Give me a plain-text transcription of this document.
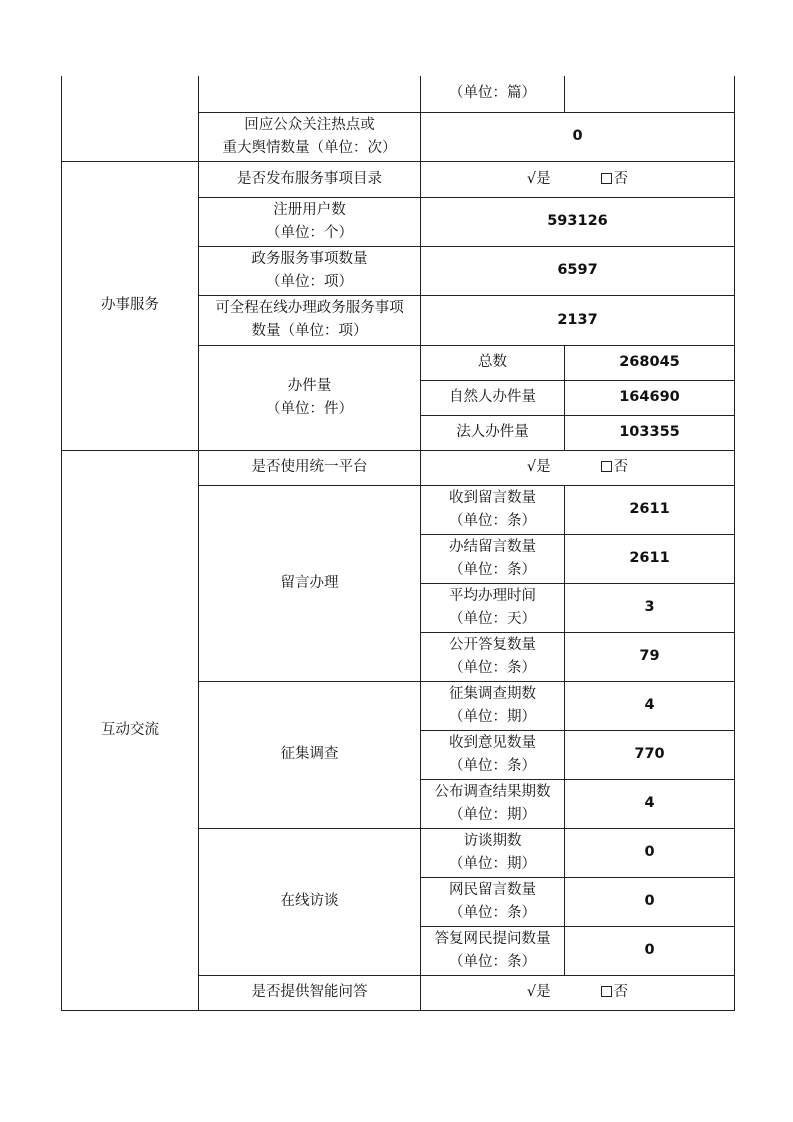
		（单位：篇）	

	回应公众关注热点或
重大舆情数量（单位：次）	0	
办事服务	是否发布服务事项目录	√是 否	

	注册用户数
（单位：个）	593126	

	政务服务事项数量
（单位：项）	6597	

	可全程在线办理政务服务事项
数量（单位：项）	2137	

	办件量
（单位：件）	总数	268045
		自然人办件量	164690
		法人办件量	103355
互动交流	是否使用统一平台	√是 否	
	留言办理	收到留言数量
（单位：条）	2611

		办结留言数量
（单位：条）	2611

		平均办理时间
（单位：天）	3

		公开答复数量
（单位：条）	79
	征集调查	征集调查期数
（单位：期）	4

		收到意见数量
（单位：条）	770

		公布调查结果期数
（单位：期）	4
	在线访谈	访谈期数
（单位：期）	0

		网民留言数量
（单位：条）	0

		答复网民提问数量
（单位：条）	0
	是否提供智能问答	√是 否	
